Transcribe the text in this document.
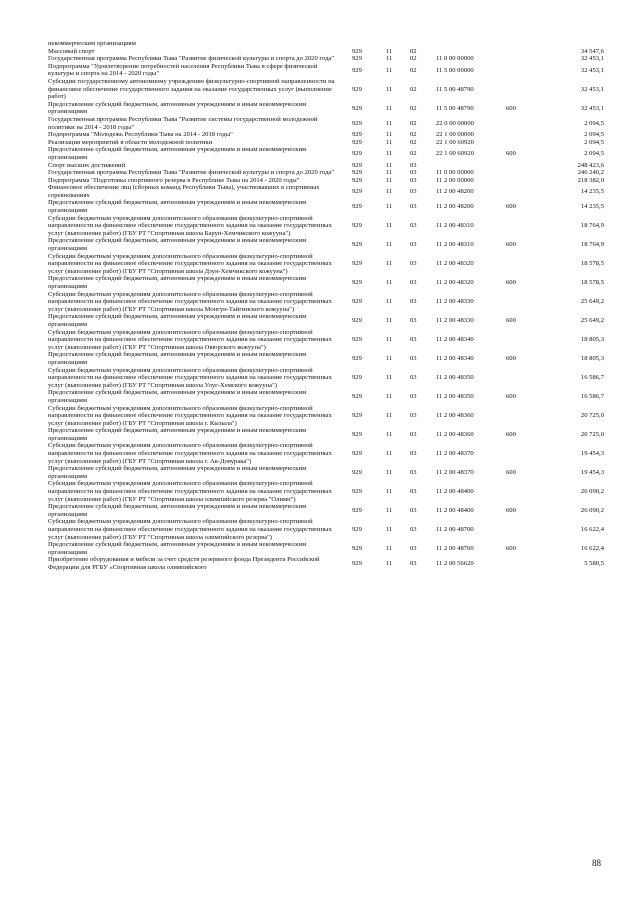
некоммерческим организациям
Массовый спорт	929	11	02	34 547,6
Государственная программа Республики Тыва "Развитие физической культуры и спорта до 2020 года"	929	11	02	11 0 00 00000	32 453,1
Подпрограмма "Удовлетворение потребностей населения Республики Тыва в сфере физической культуры и спорта на 2014 - 2020 годы"
929	11	02	11 5 00 00000	32 453,1
Субсидии государственному автономному учреждению физкультурно-спортивной направленности на финансовое обеспечение государственного задания на оказание государственных услуг (выполнение работ)
929	11	02	11 5 00 48790	32 453,1
Предоставление субсидий бюджетным, автономным учреждениям и иным некоммерческим организациям
929	11	02	11 5 00 48790	600	32 453,1
Государственная программа Республики Тыва "Развитие системы государственной молодежной политики на 2014 - 2018 годы"
929	11	02	22 0 00 00000	2 094,5
Подпрограмма "Молодежь Республики Тыва на 2014 - 2018 годы"	929	11	02	22 1 00 00000	2 094,5
Реализация мероприятий в области молодежной политики	929	11	02	22 1 00 60920	2 094,5
Предоставление субсидий бюджетным, автономным учреждениям и иным некоммерческим организациям
929	11	02	22 1 00 60920	600	2 094,5
Спорт высших достижений	929	11	03	248 423,6
Государственная программа Республики Тыва "Развитие физической культуры и спорта до 2020 года"	929	11	03	11 0 00 00000	246 240,2
Подпрограмма "Подготовка спортивного резерва в Республике Тыва на 2014 - 2020 годы"	929	11	03	11 2 00 00000	218 382,0
Финансовое обеспечение лиц (сборных команд Республики Тыва), участвовавших в спортивных соревнованиях
929	11	03	11 2 00 48200	14 235,5
Предоставление субсидий бюджетным, автономным учреждениям и иным некоммерческим организациям
929	11	03	11 2 00 48200	600	14 235,5
Субсидии бюджетным учреждениям дополнительного образования физкультурно-спортивной направленности на финансовое обеспечение государственного задания на оказание государственных услуг (выполнение работ) (ГБУ РТ "Спортивная школа Барун-Хемчикского кожууна")
929	11	03	11 2 00 48310	18 764,9
Предоставление субсидий бюджетным, автономным учреждениям и иным некоммерческим организациям
929	11	03	11 2 00 48310	600	18 764,9
Субсидии бюджетным учреждениям дополнительного образования физкультурно-спортивной направленности на финансовое обеспечение государственного задания на оказание государственных услуг (выполнение работ) (ГБУ РТ "Спортивная школа Дзун-Хемчикского кожууна")
929	11	03	11 2 00 48320	18 578,5
Предоставление субсидий бюджетным, автономным учреждениям и иным некоммерческим организациям
929	11	03	11 2 00 48320	600	18 578,5
Субсидии бюджетным учреждениям дополнительного образования физкультурно-спортивной направленности на финансовое обеспечение государственного задания на оказание государственных услуг (выполнение работ) (ГБУ РТ "Спортивная школа Монгун-Тайгинского кожууна")
929	11	03	11 2 00 48330	25 649,2
Предоставление субсидий бюджетным, автономным учреждениям и иным некоммерческим организациям
929	11	03	11 2 00 48330	600	25 649,2
Субсидии бюджетным учреждениям дополнительного образования физкультурно-спортивной направленности на финансовое обеспечение государственного задания на оказание государственных услуг (выполнение работ) (ГБУ РТ "Спортивная школа Овюрского кожууна")
929	11	03	11 2 00 48340	18 805,3
Предоставление субсидий бюджетным, автономным учреждениям и иным некоммерческим организациям
929	11	03	11 2 00 48340	600	18 805,3
Субсидии бюджетным учреждениям дополнительного образования физкультурно-спортивной направленности на финансовое обеспечение государственного задания на оказание государственных услуг (выполнение работ) (ГБУ РТ "Спортивная школа Улуг-Хемского кожууна")
929	11	03	11 2 00 48350	16 586,7
Предоставление субсидий бюджетным, автономным учреждениям и иным некоммерческим организациям
929	11	03	11 2 00 48350	600	16 586,7
Субсидии бюджетным учреждениям дополнительного образования физкультурно-спортивной направленности на финансовое обеспечение государственного задания на оказание государственных услуг (выполнение работ) (ГБУ РТ "Спортивная школа г. Кызыла")
929	11	03	11 2 00 48360	20 725,0
Предоставление субсидий бюджетным, автономным учреждениям и иным некоммерческим организациям
929	11	03	11 2 00 48360	600	20 725,0
Субсидии бюджетным учреждениям дополнительного образования физкультурно-спортивной направленности на финансовое обеспечение государственного задания на оказание государственных услуг (выполнение работ) (ГБУ РТ "Спортивная школа г. Ак-Довурака")
929	11	03	11 2 00 48370	19 454,3
Предоставление субсидий бюджетным, автономным учреждениям и иным некоммерческим организациям
929	11	03	11 2 00 48370	600	19 454,3
Субсидии бюджетным учреждениям дополнительного образования физкультурно-спортивной направленности на финансовое обеспечение государственного задания на оказание государственных услуг (выполнение работ) (ГБУ РТ "Спортивная школа олимпийского резерва "Олимп")
929	11	03	11 2 00 48400	26 090,2
Предоставление субсидий бюджетным, автономным учреждениям и иным некоммерческим организациям
929	11	03	11 2 00 48400	600	26 090,2
Субсидии бюджетным учреждениям дополнительного образования физкультурно-спортивной направленности на финансовое обеспечение государственного задания на оказание государственных услуг (выполнение работ) (ГБУ РТ "Спортивная школа олимпийского резерва")
929	11	03	11 2 00 48700	16 622,4
Предоставление субсидий бюджетным, автономным учреждениям и иным некоммерческим организациям
929	11	03	11 2 00 48700	600	16 622,4
Приобретение оборудования и мебели за счет средств резервного фонда Президента Российской Федерации для РГБУ «Спортивная школа олимпийского
929	11	03	11 2 00 56620	5 580,5
88
